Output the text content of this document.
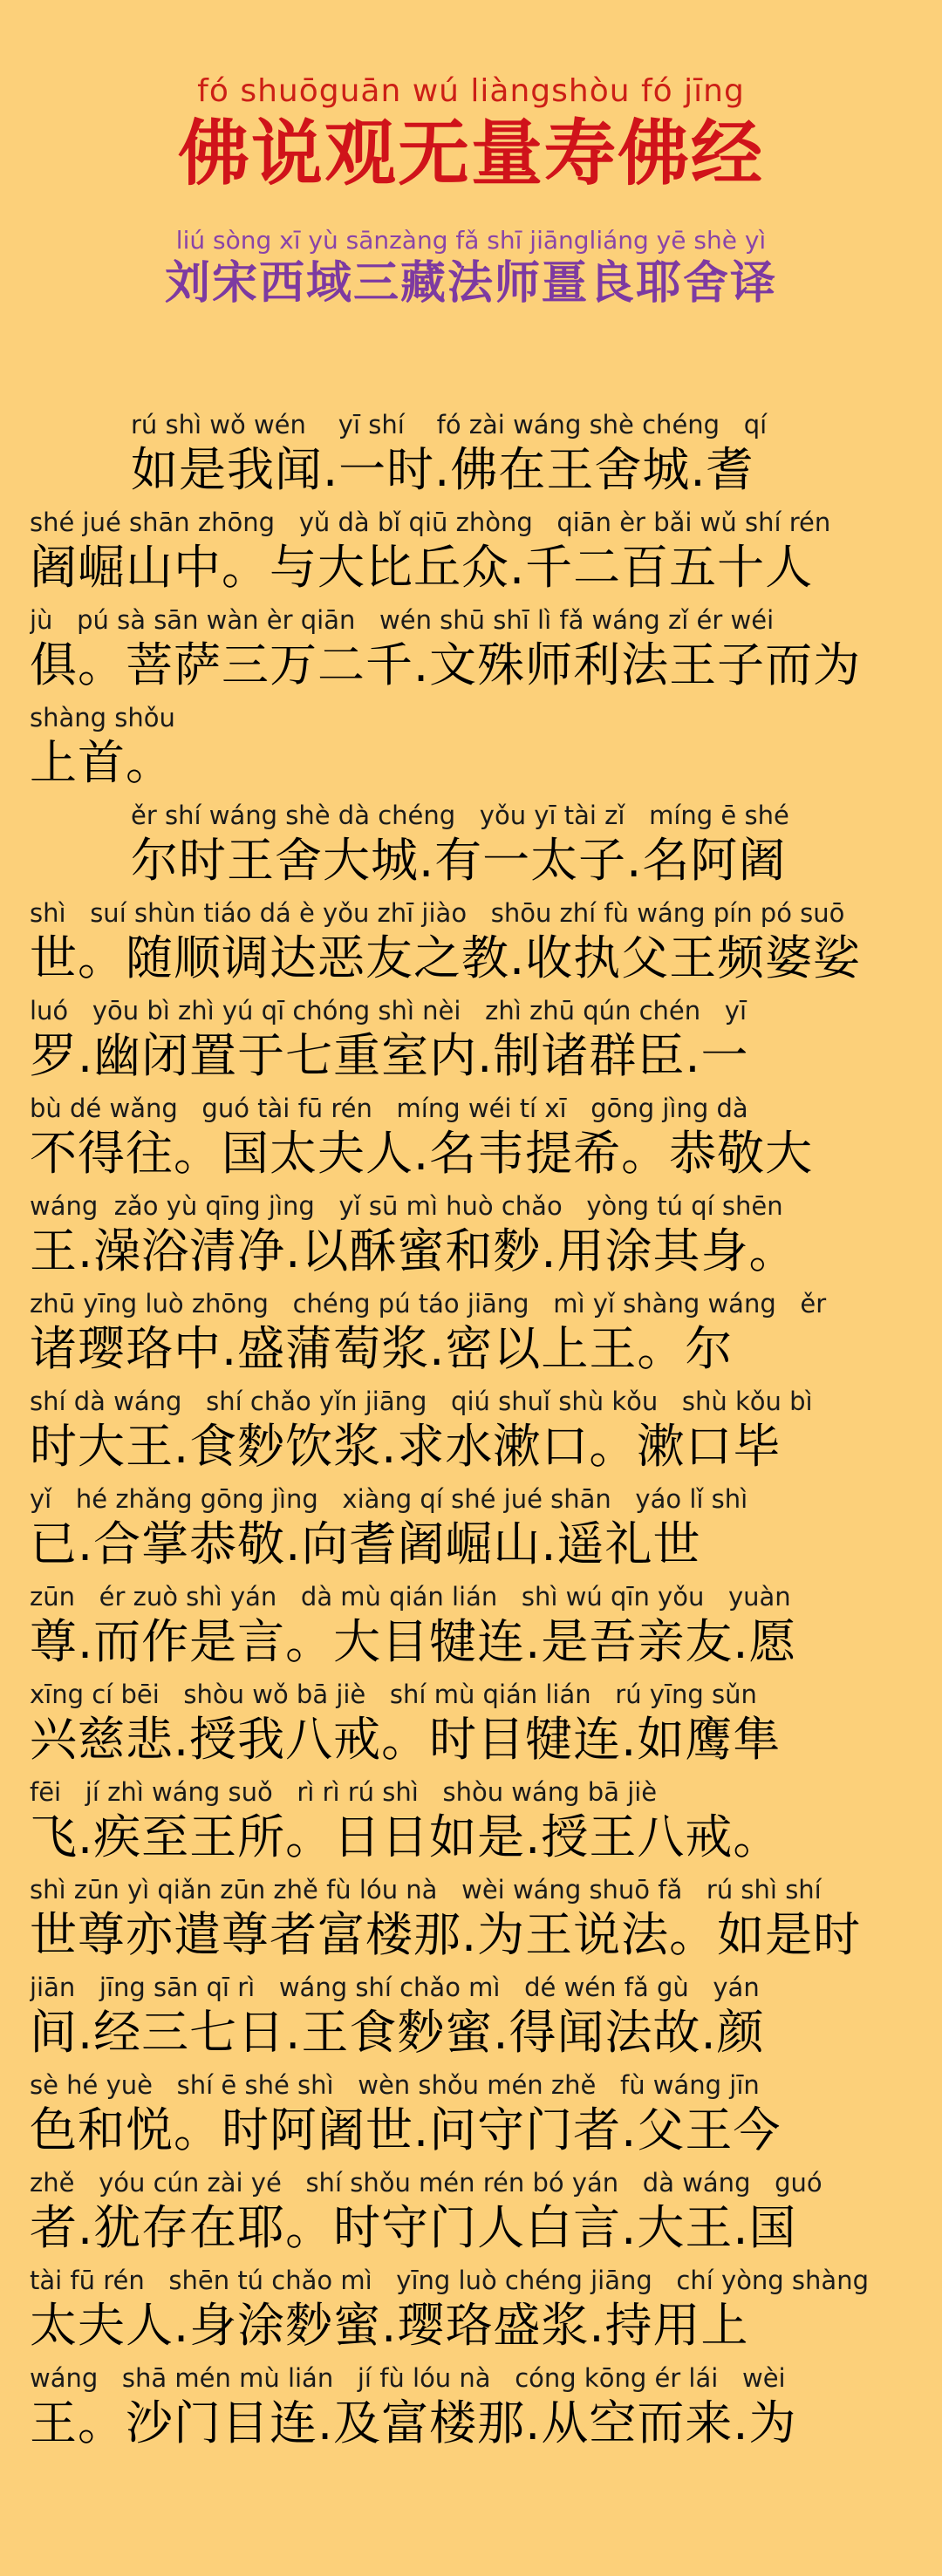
fó shuōguān wú liàngshòu fó jīng
佛说观无量寿佛经
liú sòng xī yù sānzàng fǎ shī jiāngliáng yē shè yì
刘宋西域三藏法师畺良耶舍译
rú shì wǒ wén    yī shí    fó zài wáng shè chéng   qí
如是我闻.一时.佛在王舍城.耆
shé jué shān zhōng   yǔ dà bǐ qiū zhòng   qiān èr bǎi wǔ shí rén
阇崛山中。与大比丘众.千二百五十人
jù   pú sà sān wàn èr qiān   wén shū shī lì fǎ wáng zǐ ér wéi
俱。菩萨三万二千.文殊师利法王子而为
shàng shǒu
上首。
ěr shí wáng shè dà chéng   yǒu yī tài zǐ   míng ē shé
尔时王舍大城.有一太子.名阿阇
shì   suí shùn tiáo dá è yǒu zhī jiào   shōu zhí fù wáng pín pó suō
世。随顺调达恶友之教.收执父王频婆娑
luó   yōu bì zhì yú qī chóng shì nèi   zhì zhū qún chén   yī
罗.幽闭置于七重室内.制诸群臣.一
bù dé wǎng   guó tài fū rén   míng wéi tí xī   gōng jìng dà
不得往。国太夫人.名韦提希。恭敬大
wáng  zǎo yù qīng jìng   yǐ sū mì huò chǎo   yòng tú qí shēn
王.澡浴清净.以酥蜜和麨.用涂其身。
zhū yīng luò zhōng   chéng pú táo jiāng   mì yǐ shàng wáng   ěr
诸璎珞中.盛蒲萄浆.密以上王。尔
shí dà wáng   shí chǎo yǐn jiāng   qiú shuǐ shù kǒu   shù kǒu bì
时大王.食麨饮浆.求水漱口。漱口毕
yǐ   hé zhǎng gōng jìng   xiàng qí shé jué shān   yáo lǐ shì
已.合掌恭敬.向耆阇崛山.遥礼世
zūn   ér zuò shì yán   dà mù qián lián   shì wú qīn yǒu   yuàn
尊.而作是言。大目犍连.是吾亲友.愿
xīng cí bēi   shòu wǒ bā jiè   shí mù qián lián   rú yīng sǔn
兴慈悲.授我八戒。时目犍连.如鹰隼
fēi   jí zhì wáng suǒ   rì rì rú shì   shòu wáng bā jiè
飞.疾至王所。日日如是.授王八戒。
shì zūn yì qiǎn zūn zhě fù lóu nà   wèi wáng shuō fǎ   rú shì shí
世尊亦遣尊者富楼那.为王说法。如是时
jiān   jīng sān qī rì   wáng shí chǎo mì   dé wén fǎ gù   yán
间.经三七日.王食麨蜜.得闻法故.颜
sè hé yuè   shí ē shé shì   wèn shǒu mén zhě   fù wáng jīn
色和悦。时阿阇世.问守门者.父王今
zhě   yóu cún zài yé   shí shǒu mén rén bó yán   dà wáng   guó
者.犹存在耶。时守门人白言.大王.国
tài fū rén   shēn tú chǎo mì   yīng luò chéng jiāng   chí yòng shàng
太夫人.身涂麨蜜.璎珞盛浆.持用上
wáng   shā mén mù lián   jí fù lóu nà   cóng kōng ér lái   wèi
王。沙门目连.及富楼那.从空而来.为
